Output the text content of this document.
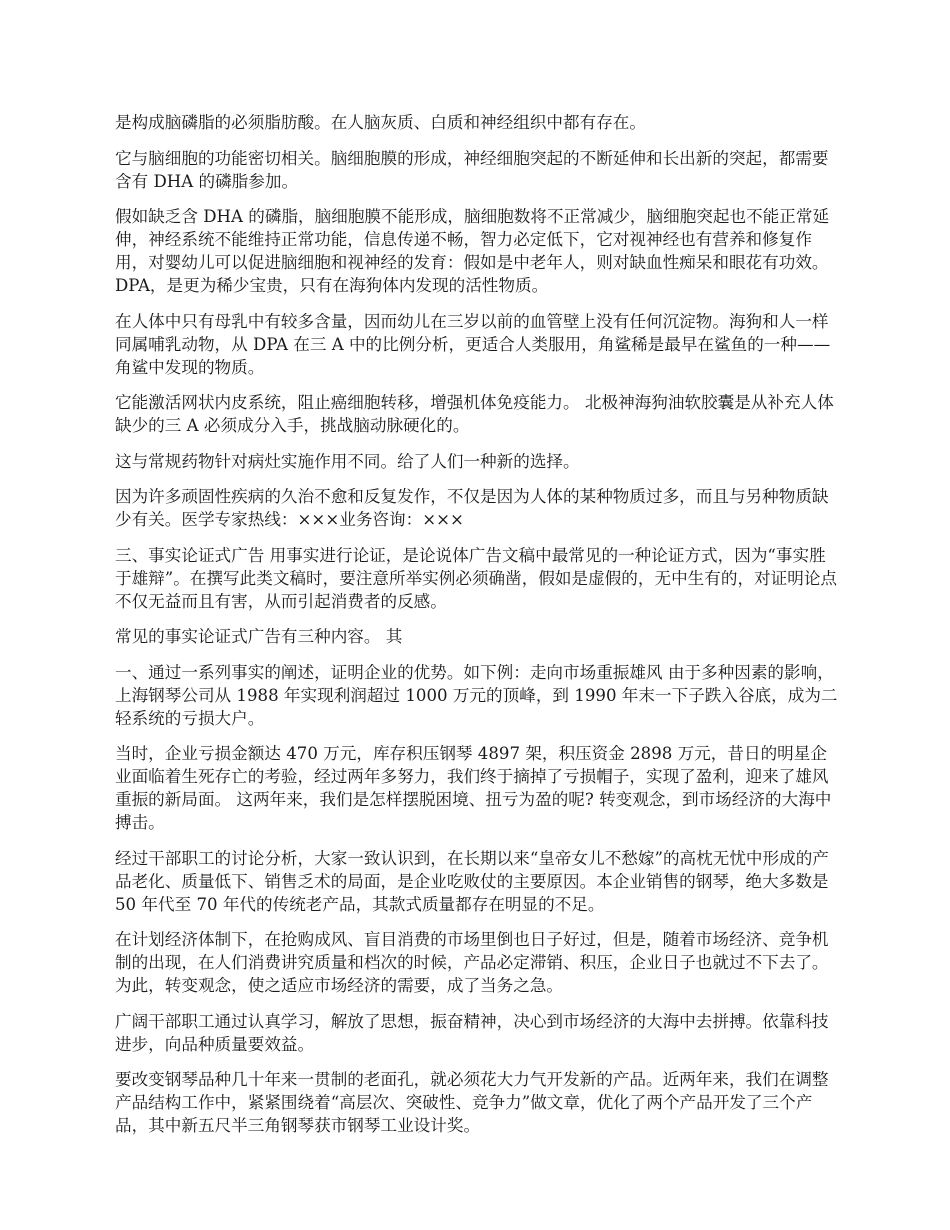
是构成脑磷脂的必须脂肪酸。在人脑灰质、白质和神经组织中都有存在。

它与脑细胞的功能密切相关。脑细胞膜的形成，神经细胞突起的不断延伸和长出新的突起，都需要含有 DHA 的磷脂参加。

假如缺乏含 DHA 的磷脂，脑细胞膜不能形成，脑细胞数将不正常减少，脑细胞突起也不能正常延伸，神经系统不能维持正常功能，信息传递不畅，智力必定低下，它对视神经也有营养和修复作用，对婴幼儿可以促进脑细胞和视神经的发育：假如是中老年人，则对缺血性痴呆和眼花有功效。 DPA，是更为稀少宝贵，只有在海狗体内发现的活性物质。

在人体中只有母乳中有较多含量，因而幼儿在三岁以前的血管壁上没有任何沉淀物。海狗和人一样同属哺乳动物，从 DPA 在三 A 中的比例分析，更适合人类服用，角鲨稀是最早在鲨鱼的一种——角鲨中发现的物质。

它能激活网状内皮系统，阻止癌细胞转移，增强机体免疫能力。 北极神海狗油软胶囊是从补充人体缺少的三 A 必须成分入手，挑战脑动脉硬化的。

这与常规药物针对病灶实施作用不同。给了人们一种新的选择。

因为许多顽固性疾病的久治不愈和反复发作，不仅是因为人体的某种物质过多，而且与另种物质缺少有关。医学专家热线：×××业务咨询：×××

三、事实论证式广告 用事实进行论证，是论说体广告文稿中最常见的一种论证方式，因为“事实胜于雄辩”。在撰写此类文稿时，要注意所举实例必须确凿，假如是虚假的，无中生有的，对证明论点不仅无益而且有害，从而引起消费者的反感。

常见的事实论证式广告有三种内容。 其

一、通过一系列事实的阐述，证明企业的优势。如下例：走向市场重振雄风 由于多种因素的影响，上海钢琴公司从 1988 年实现利润超过 1000 万元的顶峰，到 1990 年末一下子跌入谷底，成为二轻系统的亏损大户。

当时，企业亏损金额达 470 万元，库存积压钢琴 4897 架，积压资金 2898 万元，昔日的明星企业面临着生死存亡的考验，经过两年多努力，我们终于摘掉了亏损帽子，实现了盈利，迎来了雄风重振的新局面。 这两年来，我们是怎样摆脱困境、扭亏为盈的呢? 转变观念，到市场经济的大海中搏击。

经过干部职工的讨论分析，大家一致认识到，在长期以来“皇帝女儿不愁嫁”的高枕无忧中形成的产品老化、质量低下、销售乏术的局面，是企业吃败仗的主要原因。本企业销售的钢琴，绝大多数是 50 年代至 70 年代的传统老产品，其款式质量都存在明显的不足。

在计划经济体制下，在抢购成风、盲目消费的市场里倒也日子好过，但是，随着市场经济、竞争机制的出现，在人们消费讲究质量和档次的时候，产品必定滞销、积压，企业日子也就过不下去了。为此，转变观念，使之适应市场经济的需要，成了当务之急。

广阔干部职工通过认真学习，解放了思想，振奋精神，决心到市场经济的大海中去拼搏。依靠科技进步，向品种质量要效益。

要改变钢琴品种几十年来一贯制的老面孔，就必须花大力气开发新的产品。近两年来，我们在调整产品结构工作中，紧紧围绕着“高层次、突破性、竞争力”做文章，优化了两个产品开发了三个产品，其中新五尺半三角钢琴获市钢琴工业设计奖。
